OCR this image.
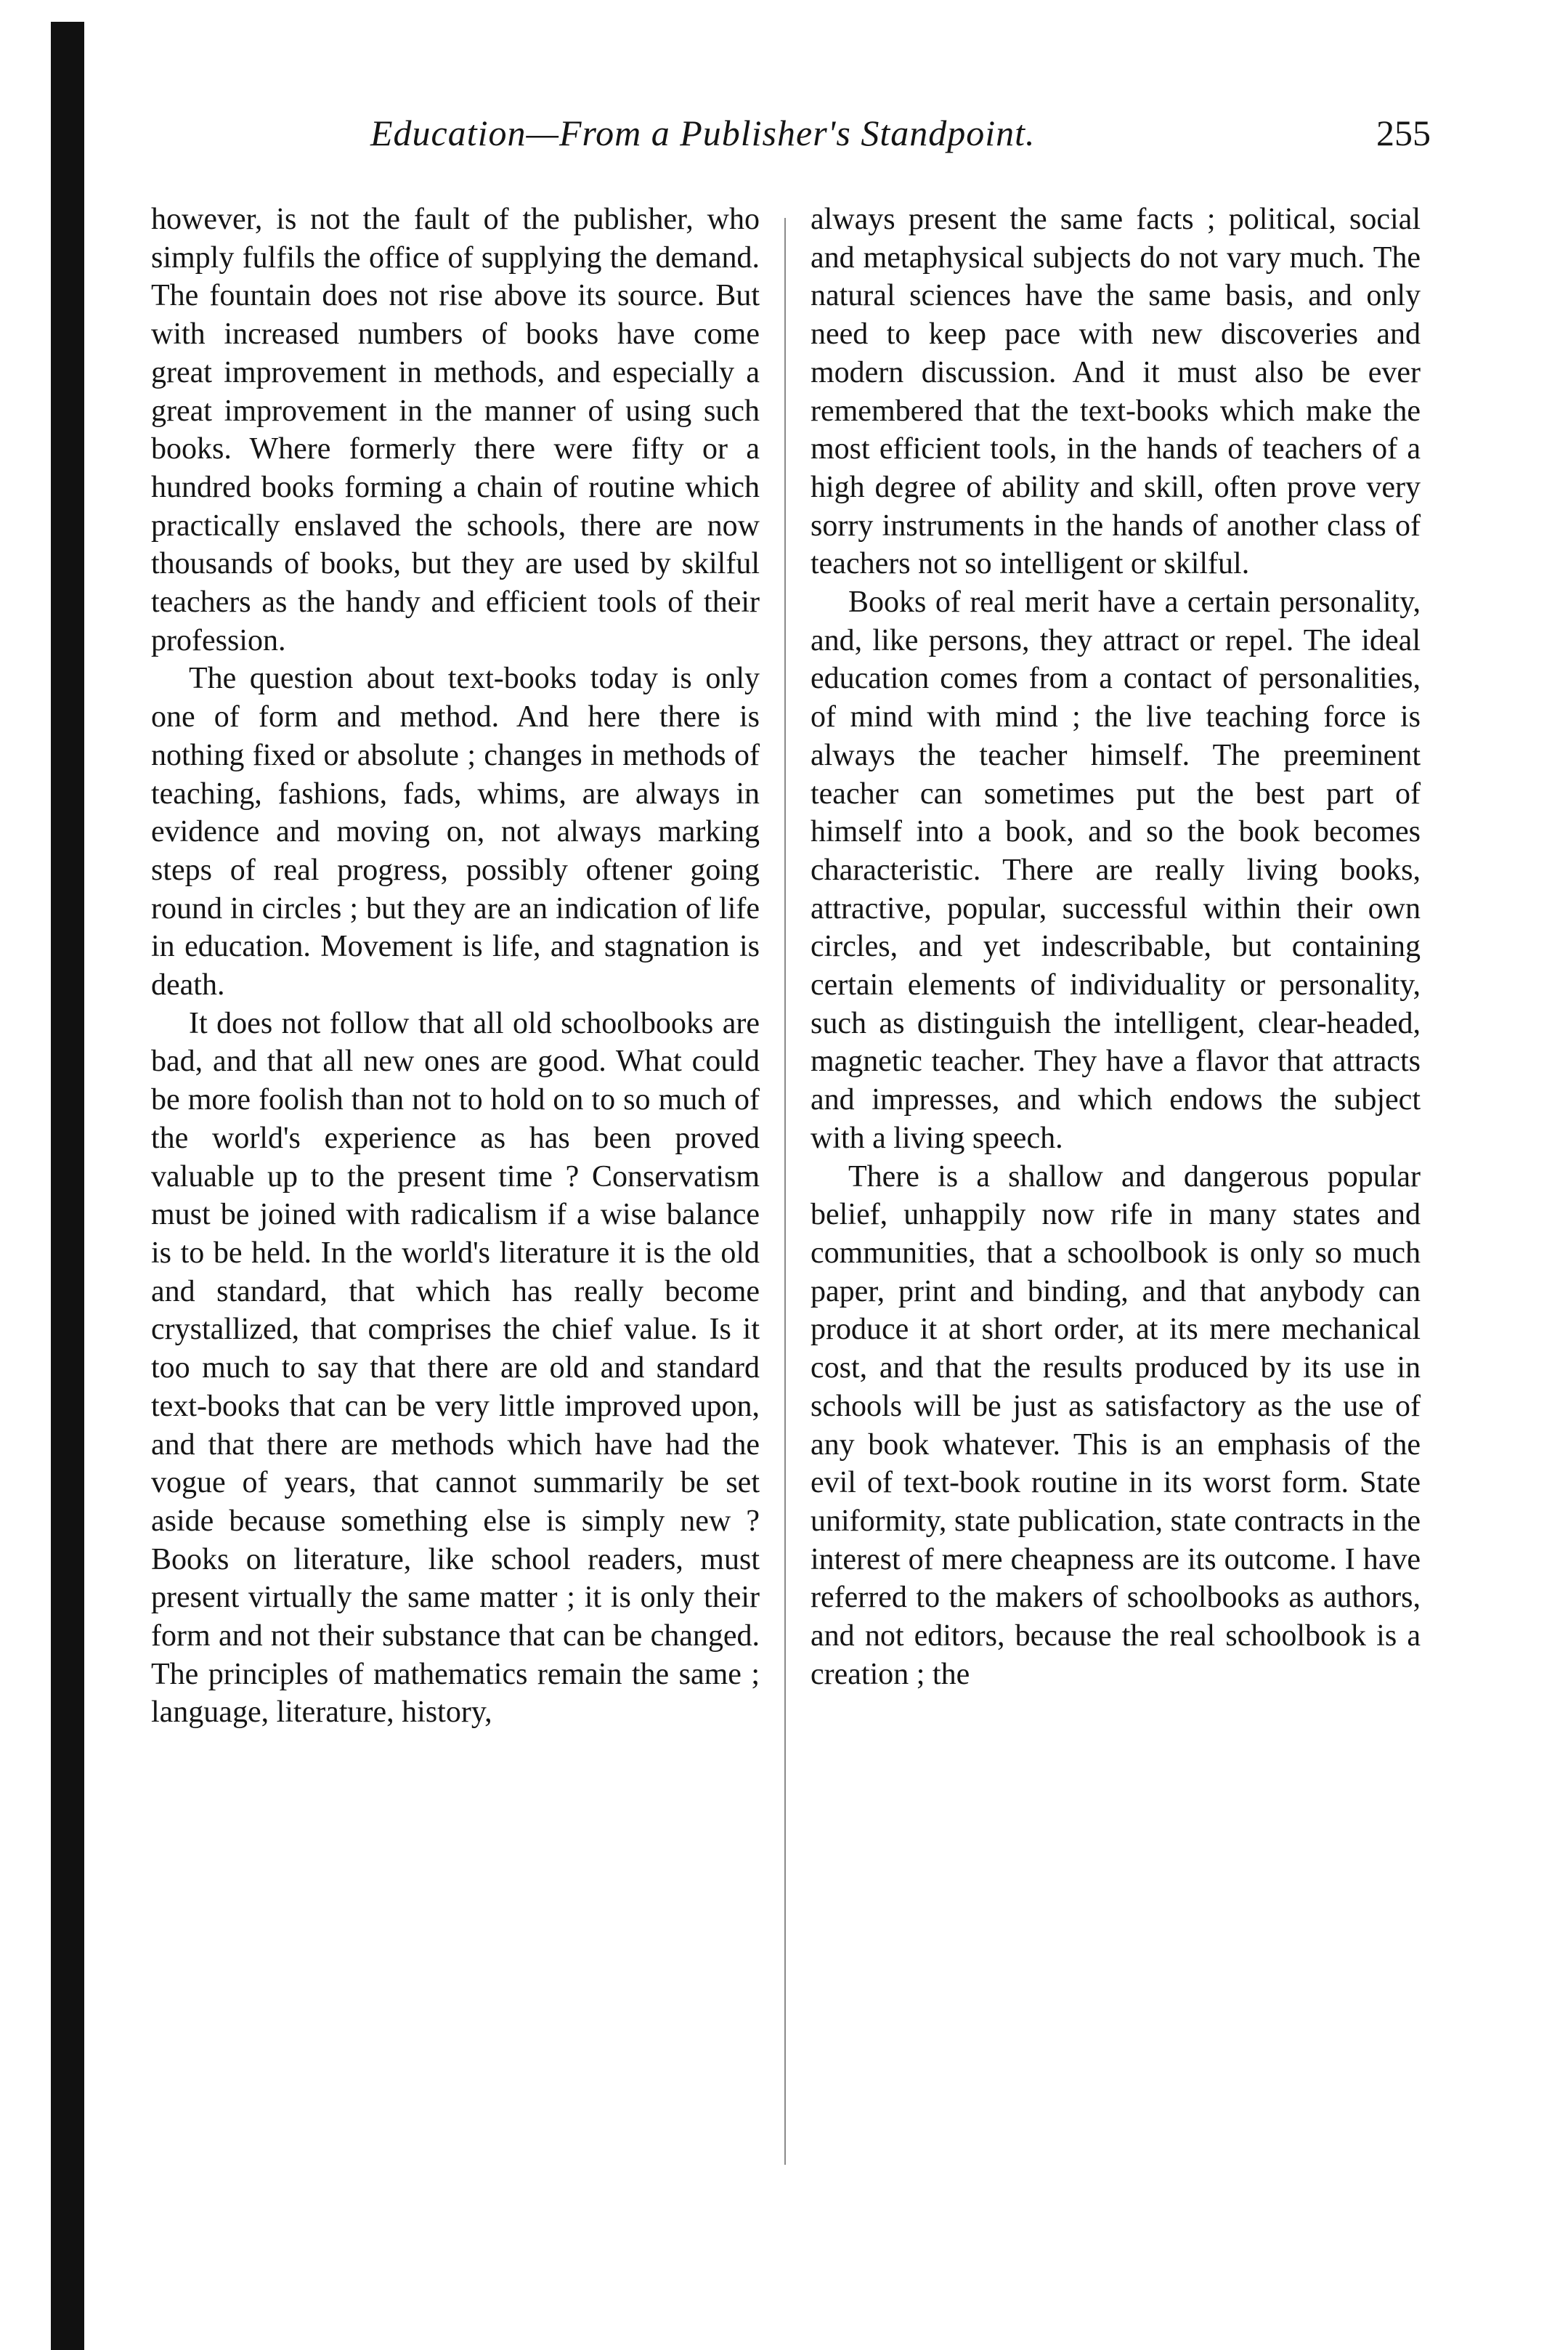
Education—From a Publisher's Standpoint.	255

however, is not the fault of the publisher, who simply fulfils the office of supplying the demand. The fountain does not rise above its source. But with increased numbers of books have come great improvement in methods, and especially a great improvement in the manner of using such books. Where formerly there were fifty or a hundred books forming a chain of routine which practically enslaved the schools, there are now thousands of books, but they are used by skilful teachers as the handy and efficient tools of their profession.

The question about text-books today is only one of form and method. And here there is nothing fixed or absolute ; changes in methods of teaching, fashions, fads, whims, are always in evidence and moving on, not always marking steps of real progress, possibly oftener going round in circles ; but they are an indication of life in education. Movement is life, and stagnation is death.

It does not follow that all old schoolbooks are bad, and that all new ones are good. What could be more foolish than not to hold on to so much of the world's experience as has been proved valuable up to the present time ? Conservatism must be joined with radicalism if a wise balance is to be held. In the world's literature it is the old and standard, that which has really become crystallized, that comprises the chief value. Is it too much to say that there are old and standard text-books that can be very little improved upon, and that there are methods which have had the vogue of years, that cannot summarily be set aside because something else is simply new ? Books on literature, like school readers, must present virtually the same matter ; it is only their form and not their substance that can be changed. The principles of mathematics remain the same ; language, literature, history,

always present the same facts ; political, social and metaphysical subjects do not vary much. The natural sciences have the same basis, and only need to keep pace with new discoveries and modern discussion. And it must also be ever remembered that the text-books which make the most efficient tools, in the hands of teachers of a high degree of ability and skill, often prove very sorry instruments in the hands of another class of teachers not so intelligent or skilful.

Books of real merit have a certain personality, and, like persons, they attract or repel. The ideal education comes from a contact of personalities, of mind with mind ; the live teaching force is always the teacher himself. The preeminent teacher can sometimes put the best part of himself into a book, and so the book becomes characteristic. There are really living books, attractive, popular, successful within their own circles, and yet indescribable, but containing certain elements of individuality or personality, such as distinguish the intelligent, clear-headed, magnetic teacher. They have a flavor that attracts and impresses, and which endows the subject with a living speech.

There is a shallow and dangerous popular belief, unhappily now rife in many states and communities, that a schoolbook is only so much paper, print and binding, and that anybody can produce it at short order, at its mere mechanical cost, and that the results produced by its use in schools will be just as satisfactory as the use of any book whatever. This is an emphasis of the evil of text-book routine in its worst form. State uniformity, state publication, state contracts in the interest of mere cheapness are its outcome. I have referred to the makers of schoolbooks as authors, and not editors, because the real schoolbook is a creation ; the
